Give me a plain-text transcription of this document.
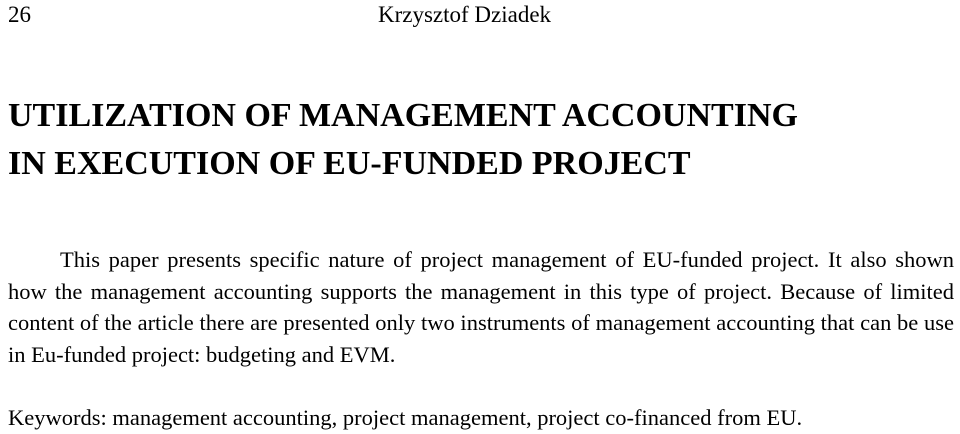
26	Krzysztof Dziadek
UTILIZATION OF MANAGEMENT ACCOUNTING
IN EXECUTION OF EU-FUNDED PROJECT

This paper presents specific nature of project management of EU-funded project. It also shown how the management accounting supports the management in this type of project. Because of limited content of the article there are presented only two instruments of management accounting that can be use in Eu-funded project: budgeting and EVM.

Keywords: management accounting, project management, project co-financed from EU.
